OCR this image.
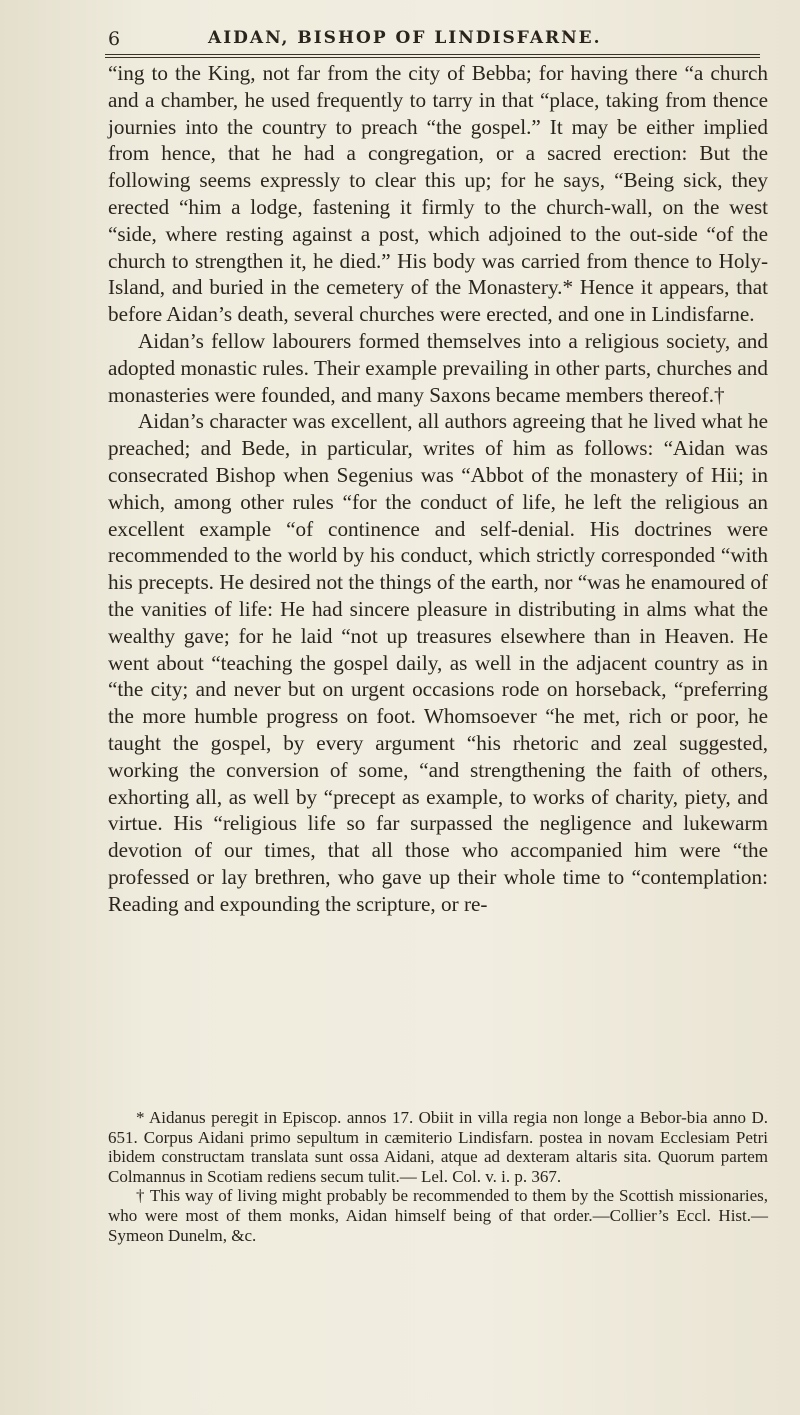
6	AIDAN, BISHOP OF LINDISFARNE.

“ing to the King, not far from the city of Bebba; for having there “a church and a chamber, he used frequently to tarry in that “place, taking from thence journies into the country to preach “the gospel.” It may be either implied from hence, that he had a congregation, or a sacred erection: But the following seems expressly to clear this up; for he says, “Being sick, they erected “him a lodge, fastening it firmly to the church-wall, on the west “side, where resting against a post, which adjoined to the out-side “of the church to strengthen it, he died.” His body was carried from thence to Holy-Island, and buried in the cemetery of the Monastery.* Hence it appears, that before Aidan’s death, several churches were erected, and one in Lindisfarne.

Aidan’s fellow labourers formed themselves into a religious society, and adopted monastic rules. Their example prevailing in other parts, churches and monasteries were founded, and many Saxons became members thereof.†

Aidan’s character was excellent, all authors agreeing that he lived what he preached; and Bede, in particular, writes of him as follows: “Aidan was consecrated Bishop when Segenius was “Abbot of the monastery of Hii; in which, among other rules “for the conduct of life, he left the religious an excellent example “of continence and self-denial. His doctrines were recommended to the world by his conduct, which strictly corresponded “with his precepts. He desired not the things of the earth, nor “was he enamoured of the vanities of life: He had sincere pleasure in distributing in alms what the wealthy gave; for he laid “not up treasures elsewhere than in Heaven. He went about “teaching the gospel daily, as well in the adjacent country as in “the city; and never but on urgent occasions rode on horseback, “preferring the more humble progress on foot. Whomsoever “he met, rich or poor, he taught the gospel, by every argument “his rhetoric and zeal suggested, working the conversion of some, “and strengthening the faith of others, exhorting all, as well by “precept as example, to works of charity, piety, and virtue. His “religious life so far surpassed the negligence and lukewarm devotion of our times, that all those who accompanied him were “the professed or lay brethren, who gave up their whole time to “contemplation: Reading and expounding the scripture, or re-

* Aidanus peregit in Episcop. annos 17. Obiit in villa regia non longe a Bebor-bia anno D. 651. Corpus Aidani primo sepultum in cæmiterio Lindisfarn. postea in novam Ecclesiam Petri ibidem constructam translata sunt ossa Aidani, atque ad dexteram altaris sita. Quorum partem Colmannus in Scotiam rediens secum tulit.— Lel. Col. v. i. p. 367.

† This way of living might probably be recommended to them by the Scottish missionaries, who were most of them monks, Aidan himself being of that order.—Collier’s Eccl. Hist.—Symeon Dunelm, &c.
